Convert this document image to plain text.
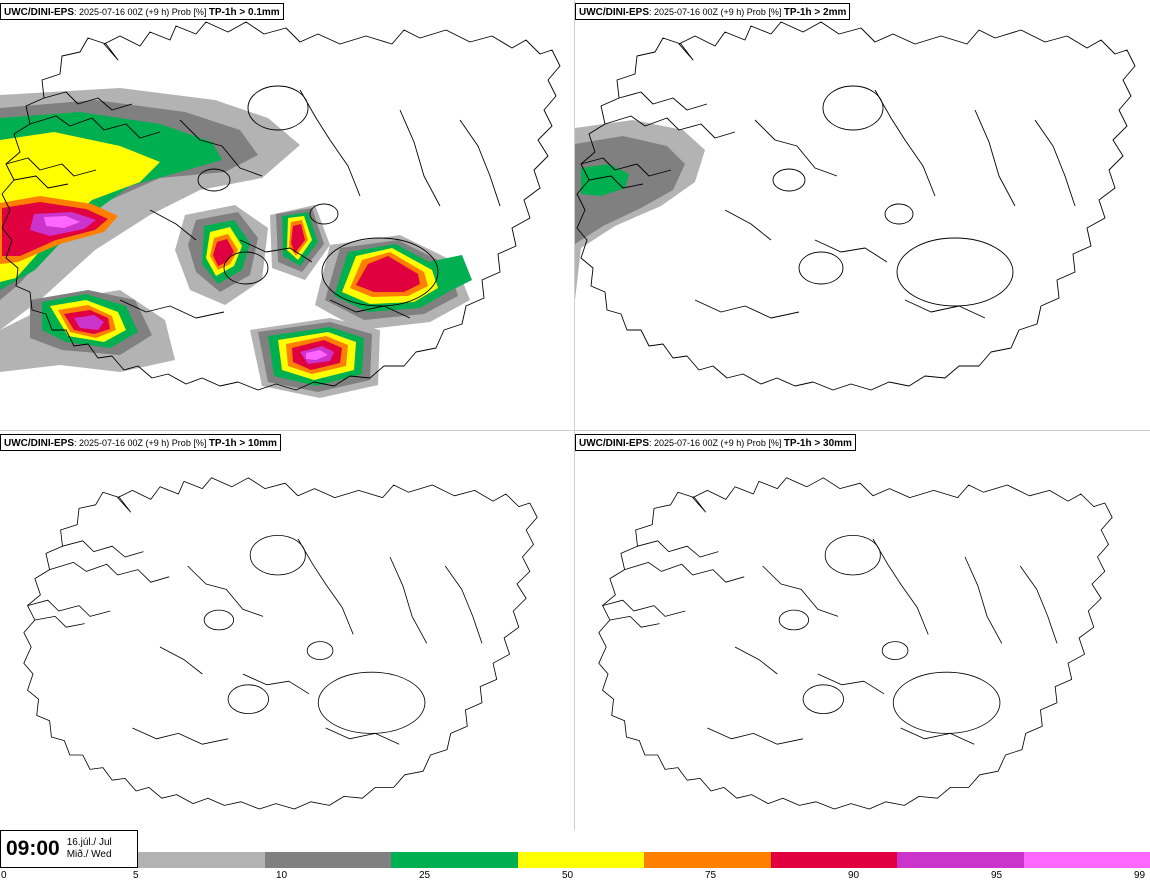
UWC/DINI-EPS: 2025-07-16 00Z (+9 h) Prob [%] TP-1h > 0.1mm	UWC/DINI-EPS: 2025-07-16 00Z (+9 h) Prob [%] TP-1h > 2mm
UWC/DINI-EPS: 2025-07-16 00Z (+9 h) Prob [%] TP-1h > 10mm	UWC/DINI-EPS: 2025-07-16 00Z (+9 h) Prob [%] TP-1h > 30mm
09:00 16.júl./ Jul
Mið./ Wed
0	5	10	25	50	75	90	95	99
